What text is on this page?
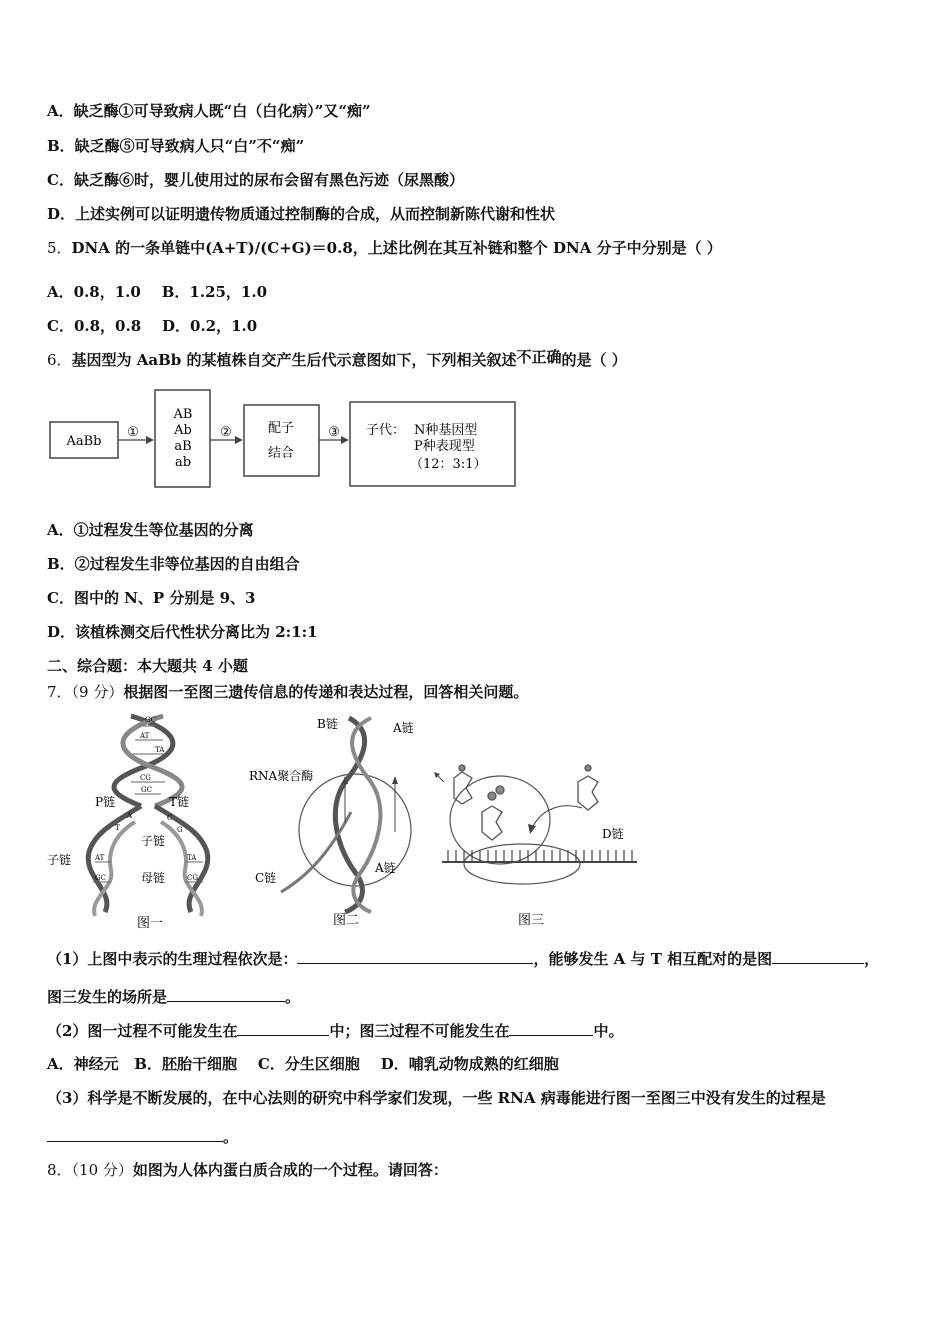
A．缺乏酶①可导致病人既“白（白化病）”又“痴”
B．缺乏酶⑤可导致病人只“白”不“痴”
C．缺乏酶⑥时，婴儿使用过的尿布会留有黑色污迹（尿黑酸）
D．上述实例可以证明遗传物质通过控制酶的合成，从而控制新陈代谢和性状
5．DNA 的一条单链中(A+T)/(C+G)＝0.8，上述比例在其互补链和整个 DNA 分子中分别是（ ）
A．0.8，1.0    B．1.25，1.0
C．0.8，0.8    D．0.2，1.0
6．基因型为 AaBb 的某植株自交产生后代示意图如下，下列相关叙述不正确的是（ ）
AaBb
①
AB
Ab
aB
ab
②	配子
结合
③ 子代： N种基因型
P种表现型
（12：3:1）
A．①过程发生等位基因的分离
B．②过程发生非等位基因的自由组合
C．图中的 N、P 分别是 9、3
D．该植株测交后代性状分离比为 2:1:1
二、综合题：本大题共 4 小题
7．（9 分）根据图一至图三遗传信息的传递和表达过程，回答相关问题。
GC
AT
TA
CG
GC
A
T
C
G
AT
GC
TA
CG
P链	T链
子链
子链
母链
图一
B链	A链
RNA聚合酶
C链
A链
图二
D链
图三
（1）上图中表示的生理过程依次是：	，能够发生 A 与 T 相互配对的是图	，
图三发生的场所是	。
（2）图一过程不可能发生在	中；图三过程不可能发生在	中。
A．神经元   B．胚胎干细胞    C．分生区细胞    D．哺乳动物成熟的红细胞
（3）科学是不断发展的，在中心法则的研究中科学家们发现，一些 RNA 病毒能进行图一至图三中没有发生的过程是
。
8．（10 分）如图为人体内蛋白质合成的一个过程。请回答：
